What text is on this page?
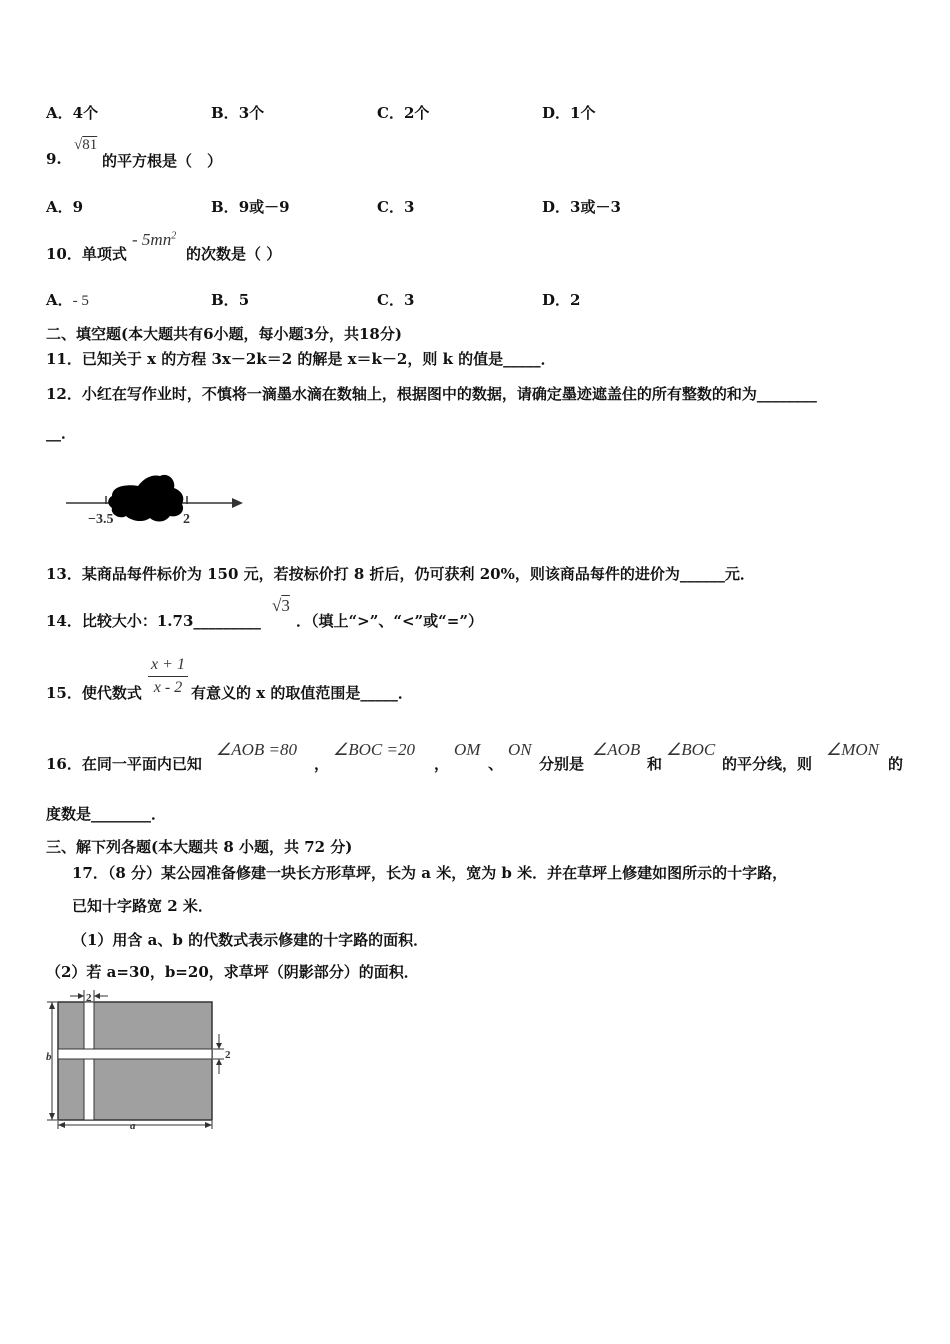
A．4个	B．3个	C．2个	D．1个
9.
√81
的平方根是（　）
A．9	B．9或－9	C．3	D．3或－3
10．单项式
- $5mn^2$
的次数是（ ）
A．- 5	B．5	C．3	D．2
二、填空题(本大题共有6小题，每小题3分，共18分)
11．已知关于 x 的方程 3x－2k＝2 的解是 x＝k－2，则 k 的值是_____．
12．小红在写作业时，不慎将一滴墨水滴在数轴上，根据图中的数据，请确定墨迹遮盖住的所有整数的和为________
__．
−3.5	2
13．某商品每件标价为 150 元，若按标价打 8 折后，仍可获利 20%，则该商品每件的进价为______元．
14．比较大小：1.73_________
√3
．（填上“>”、“<”或“=”）
15．使代数式
x + 1
x - 2 有意义的 x 的取值范围是_____．
16．在同一平面内已知
∠AOB =80
，
∠BOC =20
，
OM
、
ON
分别是
∠AOB
和
∠BOC
的平分线，则
∠MON
的
度数是________．
三、解下列各题(本大题共 8 小题，共 72 分)
17．（8 分）某公园准备修建一块长方形草坪，长为 a 米，宽为 b 米．并在草坪上修建如图所示的十字路，
已知十字路宽 2 米．
（1）用含 a、b 的代数式表示修建的十字路的面积．
（2）若 a=30，b=20，求草坪（阴影部分）的面积．
2
2
b
a
